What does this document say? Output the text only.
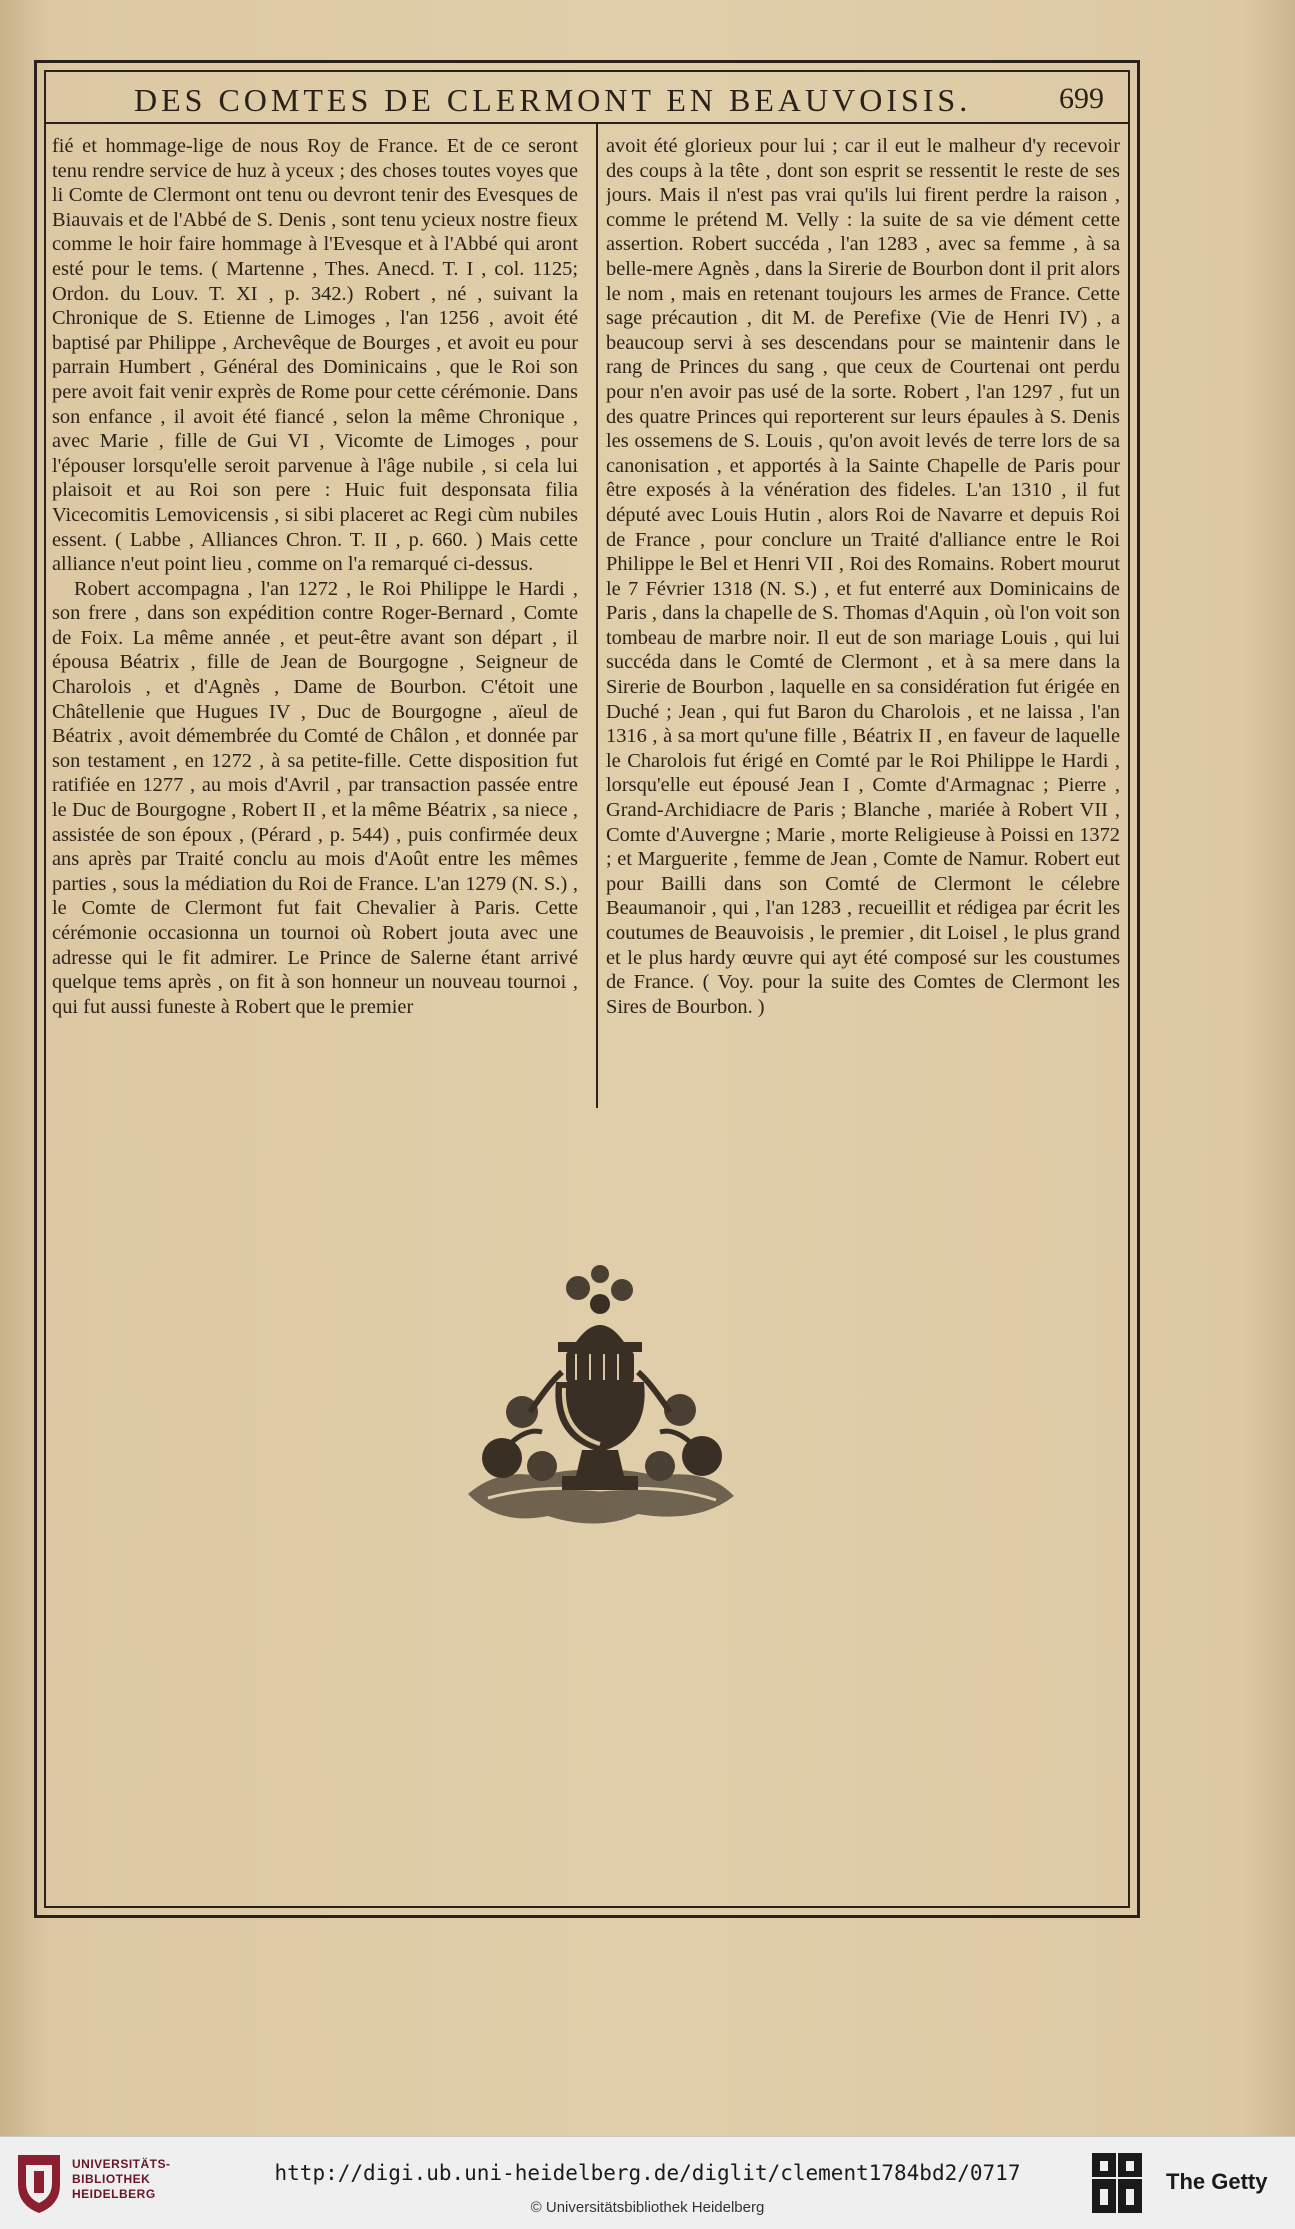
DES COMTES DE CLERMONT EN BEAUVOISIS.	699

fié et hommage-lige de nous Roy de France. Et de ce seront tenu rendre service de huz à yceux ; des choses toutes voyes que li Comte de Clermont ont tenu ou devront tenir des Evesques de Biauvais et de l'Abbé de S. Denis , sont tenu ycieux nostre fieux comme le hoir faire hommage à l'Evesque et à l'Abbé qui aront esté pour le tems. ( Martenne , Thes. Anecd. T. I , col. 1125; Ordon. du Louv. T. XI , p. 342.) Robert , né , suivant la Chronique de S. Etienne de Limoges , l'an 1256 , avoit été baptisé par Philippe , Archevêque de Bourges , et avoit eu pour parrain Humbert , Général des Dominicains , que le Roi son pere avoit fait venir exprès de Rome pour cette cérémonie. Dans son enfance , il avoit été fiancé , selon la même Chronique , avec Marie , fille de Gui VI , Vicomte de Limoges , pour l'épouser lorsqu'elle seroit parvenue à l'âge nubile , si cela lui plaisoit et au Roi son pere : Huic fuit desponsata filia Vicecomitis Lemovicensis , si sibi placeret ac Regi cùm nubiles essent. ( Labbe , Alliances Chron. T. II , p. 660. ) Mais cette alliance n'eut point lieu , comme on l'a remarqué ci-dessus.

Robert accompagna , l'an 1272 , le Roi Philippe le Hardi , son frere , dans son expédition contre Roger-Bernard , Comte de Foix. La même année , et peut-être avant son départ , il épousa Béatrix , fille de Jean de Bourgogne , Seigneur de Charolois , et d'Agnès , Dame de Bourbon. C'étoit une Châtellenie que Hugues IV , Duc de Bourgogne , aïeul de Béatrix , avoit démembrée du Comté de Châlon , et donnée par son testament , en 1272 , à sa petite-fille. Cette disposition fut ratifiée en 1277 , au mois d'Avril , par transaction passée entre le Duc de Bourgogne , Robert II , et la même Béatrix , sa niece , assistée de son époux , (Pérard , p. 544) , puis confirmée deux ans après par Traité conclu au mois d'Août entre les mêmes parties , sous la médiation du Roi de France. L'an 1279 (N. S.) , le Comte de Clermont fut fait Chevalier à Paris. Cette cérémonie occasionna un tournoi où Robert jouta avec une adresse qui le fit admirer. Le Prince de Salerne étant arrivé quelque tems après , on fit à son honneur un nouveau tournoi , qui fut aussi funeste à Robert que le premier

avoit été glorieux pour lui ; car il eut le malheur d'y recevoir des coups à la tête , dont son esprit se ressentit le reste de ses jours. Mais il n'est pas vrai qu'ils lui firent perdre la raison , comme le prétend M. Velly : la suite de sa vie dément cette assertion. Robert succéda , l'an 1283 , avec sa femme , à sa belle-mere Agnès , dans la Sirerie de Bourbon dont il prit alors le nom , mais en retenant toujours les armes de France. Cette sage précaution , dit M. de Perefixe (Vie de Henri IV) , a beaucoup servi à ses descendans pour se maintenir dans le rang de Princes du sang , que ceux de Courtenai ont perdu pour n'en avoir pas usé de la sorte. Robert , l'an 1297 , fut un des quatre Princes qui reporterent sur leurs épaules à S. Denis les ossemens de S. Louis , qu'on avoit levés de terre lors de sa canonisation , et apportés à la Sainte Chapelle de Paris pour être exposés à la vénération des fideles. L'an 1310 , il fut député avec Louis Hutin , alors Roi de Navarre et depuis Roi de France , pour conclure un Traité d'alliance entre le Roi Philippe le Bel et Henri VII , Roi des Romains. Robert mourut le 7 Février 1318 (N. S.) , et fut enterré aux Dominicains de Paris , dans la chapelle de S. Thomas d'Aquin , où l'on voit son tombeau de marbre noir. Il eut de son mariage Louis , qui lui succéda dans le Comté de Clermont , et à sa mere dans la Sirerie de Bourbon , laquelle en sa considération fut érigée en Duché ; Jean , qui fut Baron du Charolois , et ne laissa , l'an 1316 , à sa mort qu'une fille , Béatrix II , en faveur de laquelle le Charolois fut érigé en Comté par le Roi Philippe le Hardi , lorsqu'elle eut épousé Jean I , Comte d'Armagnac ; Pierre , Grand-Archidiacre de Paris ; Blanche , mariée à Robert VII , Comte d'Auvergne ; Marie , morte Religieuse à Poissi en 1372 ; et Marguerite , femme de Jean , Comte de Namur. Robert eut pour Bailli dans son Comté de Clermont le célebre Beaumanoir , qui , l'an 1283 , recueillit et rédigea par écrit les coutumes de Beauvoisis , le premier , dit Loisel , le plus grand et le plus hardy œuvre qui ayt été composé sur les coustumes de France. ( Voy. pour la suite des Comtes de Clermont les Sires de Bourbon. )

UNIVERSITÄTS-
BIBLIOTHEK
HEIDELBERG
http://digi.ub.uni-heidelberg.de/diglit/clement1784bd2/0717
© Universitätsbibliothek Heidelberg
The Getty
